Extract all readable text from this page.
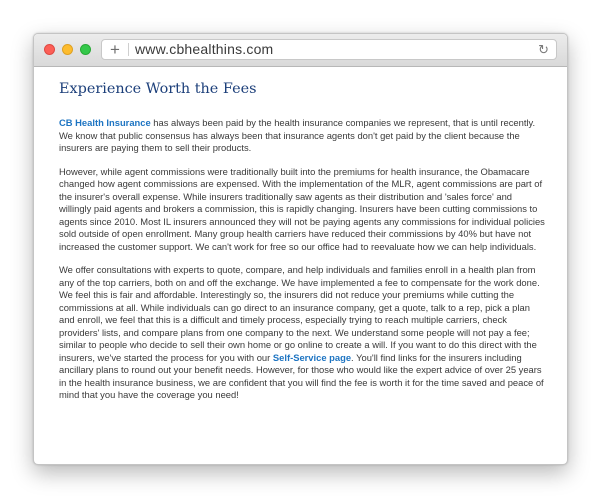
+ www.cbhealthins.com	↻
Experience Worth the Fees

CB Health Insurance has always been paid by the health insurance companies we represent, that is until recently. We know that public consensus has always been that insurance agents don't get paid by the client because the insurers are paying them to sell their products.

However, while agent commissions were traditionally built into the premiums for health insurance, the Obamacare changed how agent commissions are expensed. With the implementation of the MLR, agent commissions are part of the insurer's overall expense. While insurers traditionally saw agents as their distribution and 'sales force' and willingly paid agents and brokers a commission, this is rapidly changing. Insurers have been cutting commissions to agents since 2010. Most IL insurers announced they will not be paying agents any commissions for individual policies sold outside of open enrollment. Many group health carriers have reduced their commissions by 40% but have not increased the customer support. We can't work for free so our office had to reevaluate how we can help individuals.

We offer consultations with experts to quote, compare, and help individuals and families enroll in a health plan from any of the top carriers, both on and off the exchange. We have implemented a fee to compensate for the work done. We feel this is fair and affordable. Interestingly so, the insurers did not reduce your premiums while cutting the commissions at all. While individuals can go direct to an insurance company, get a quote, talk to a rep, pick a plan and enroll, we feel that this is a difficult and timely process, especially trying to reach multiple carriers, check providers' lists, and compare plans from one company to the next. We understand some people will not pay a fee; similar to people who decide to sell their own home or go online to create a will. If you want to do this direct with the insurers, we've started the process for you with our Self-Service page. You'll find links for the insurers including ancillary plans to round out your benefit needs. However, for those who would like the expert advice of over 25 years in the health insurance business, we are confident that you will find the fee is worth it for the time saved and peace of mind that you have the coverage you need!
